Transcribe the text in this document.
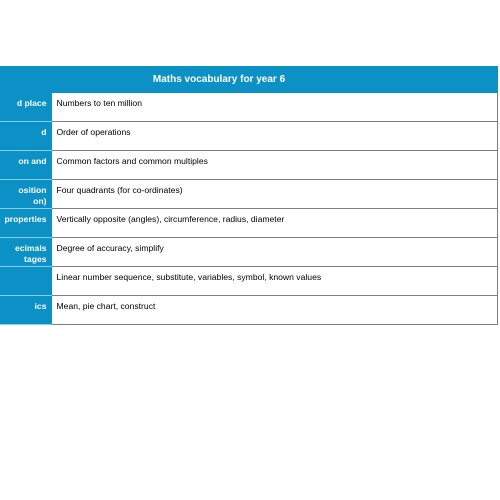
Maths vocabulary for year 6	

d place	Numbers to ten million

d	Order of operations

on and	Common factors and common multiples

osition
on)	Four quadrants (for co-ordinates)

properties	Vertically opposite (angles), circumference, radius, diameter

ecimals
tages	Degree of accuracy, simplify
	Linear number sequence, substitute, variables, symbol, known values

ics	Mean, pie chart, construct
